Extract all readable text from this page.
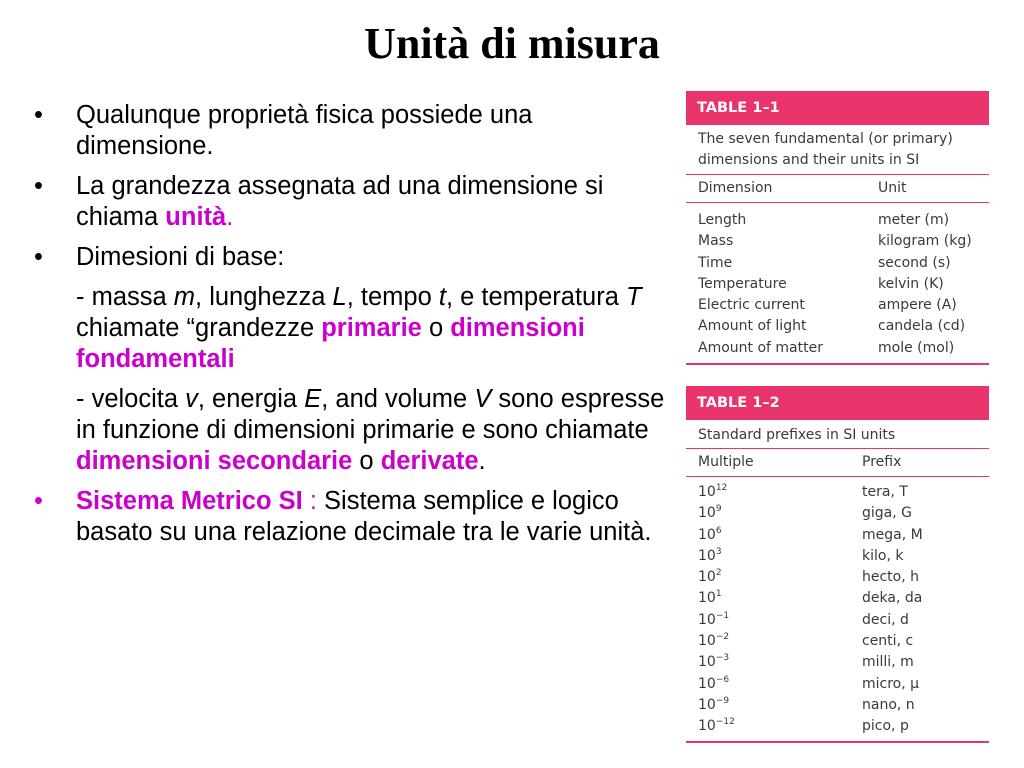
Unità di misura
• Qualunque proprietà fisica possiede una dimensione.
• La grandezza assegnata ad una dimensione si chiama unità.
• Dimesioni di base:
- massa m, lunghezza L, tempo t, e temperatura T chiamate “grandezze primarie o dimensioni fondamentali
- velocita v, energia E, and volume V sono espresse in funzione di dimensioni primarie e sono chiamate dimensioni secondarie o derivate.
• Sistema Metrico SI : Sistema semplice e logico basato su una relazione decimale tra le varie unità.
TABLE 1–1
The seven fundamental (or primary)
dimensions and their units in SI
Dimension	Unit
Length	meter (m)
Mass	kilogram (kg)
Time	second (s)
Temperature	kelvin (K)
Electric current	ampere (A)
Amount of light	candela (cd)
Amount of matter	mole (mol)
TABLE 1–2
Standard prefixes in SI units
Multiple	Prefix
$10^{12}$	tera, T
$10^9$	giga, G
$10^6$	mega, M
$10^3$	kilo, k
$10^2$	hecto, h
$10^1$	deka, da
$10^{-1}$	deci, d
$10^{-2}$	centi, c
$10^{-3}$	milli, m
$10^{-6}$	micro, μ
$10^{-9}$	nano, n
$10^{-12}$	pico, p
